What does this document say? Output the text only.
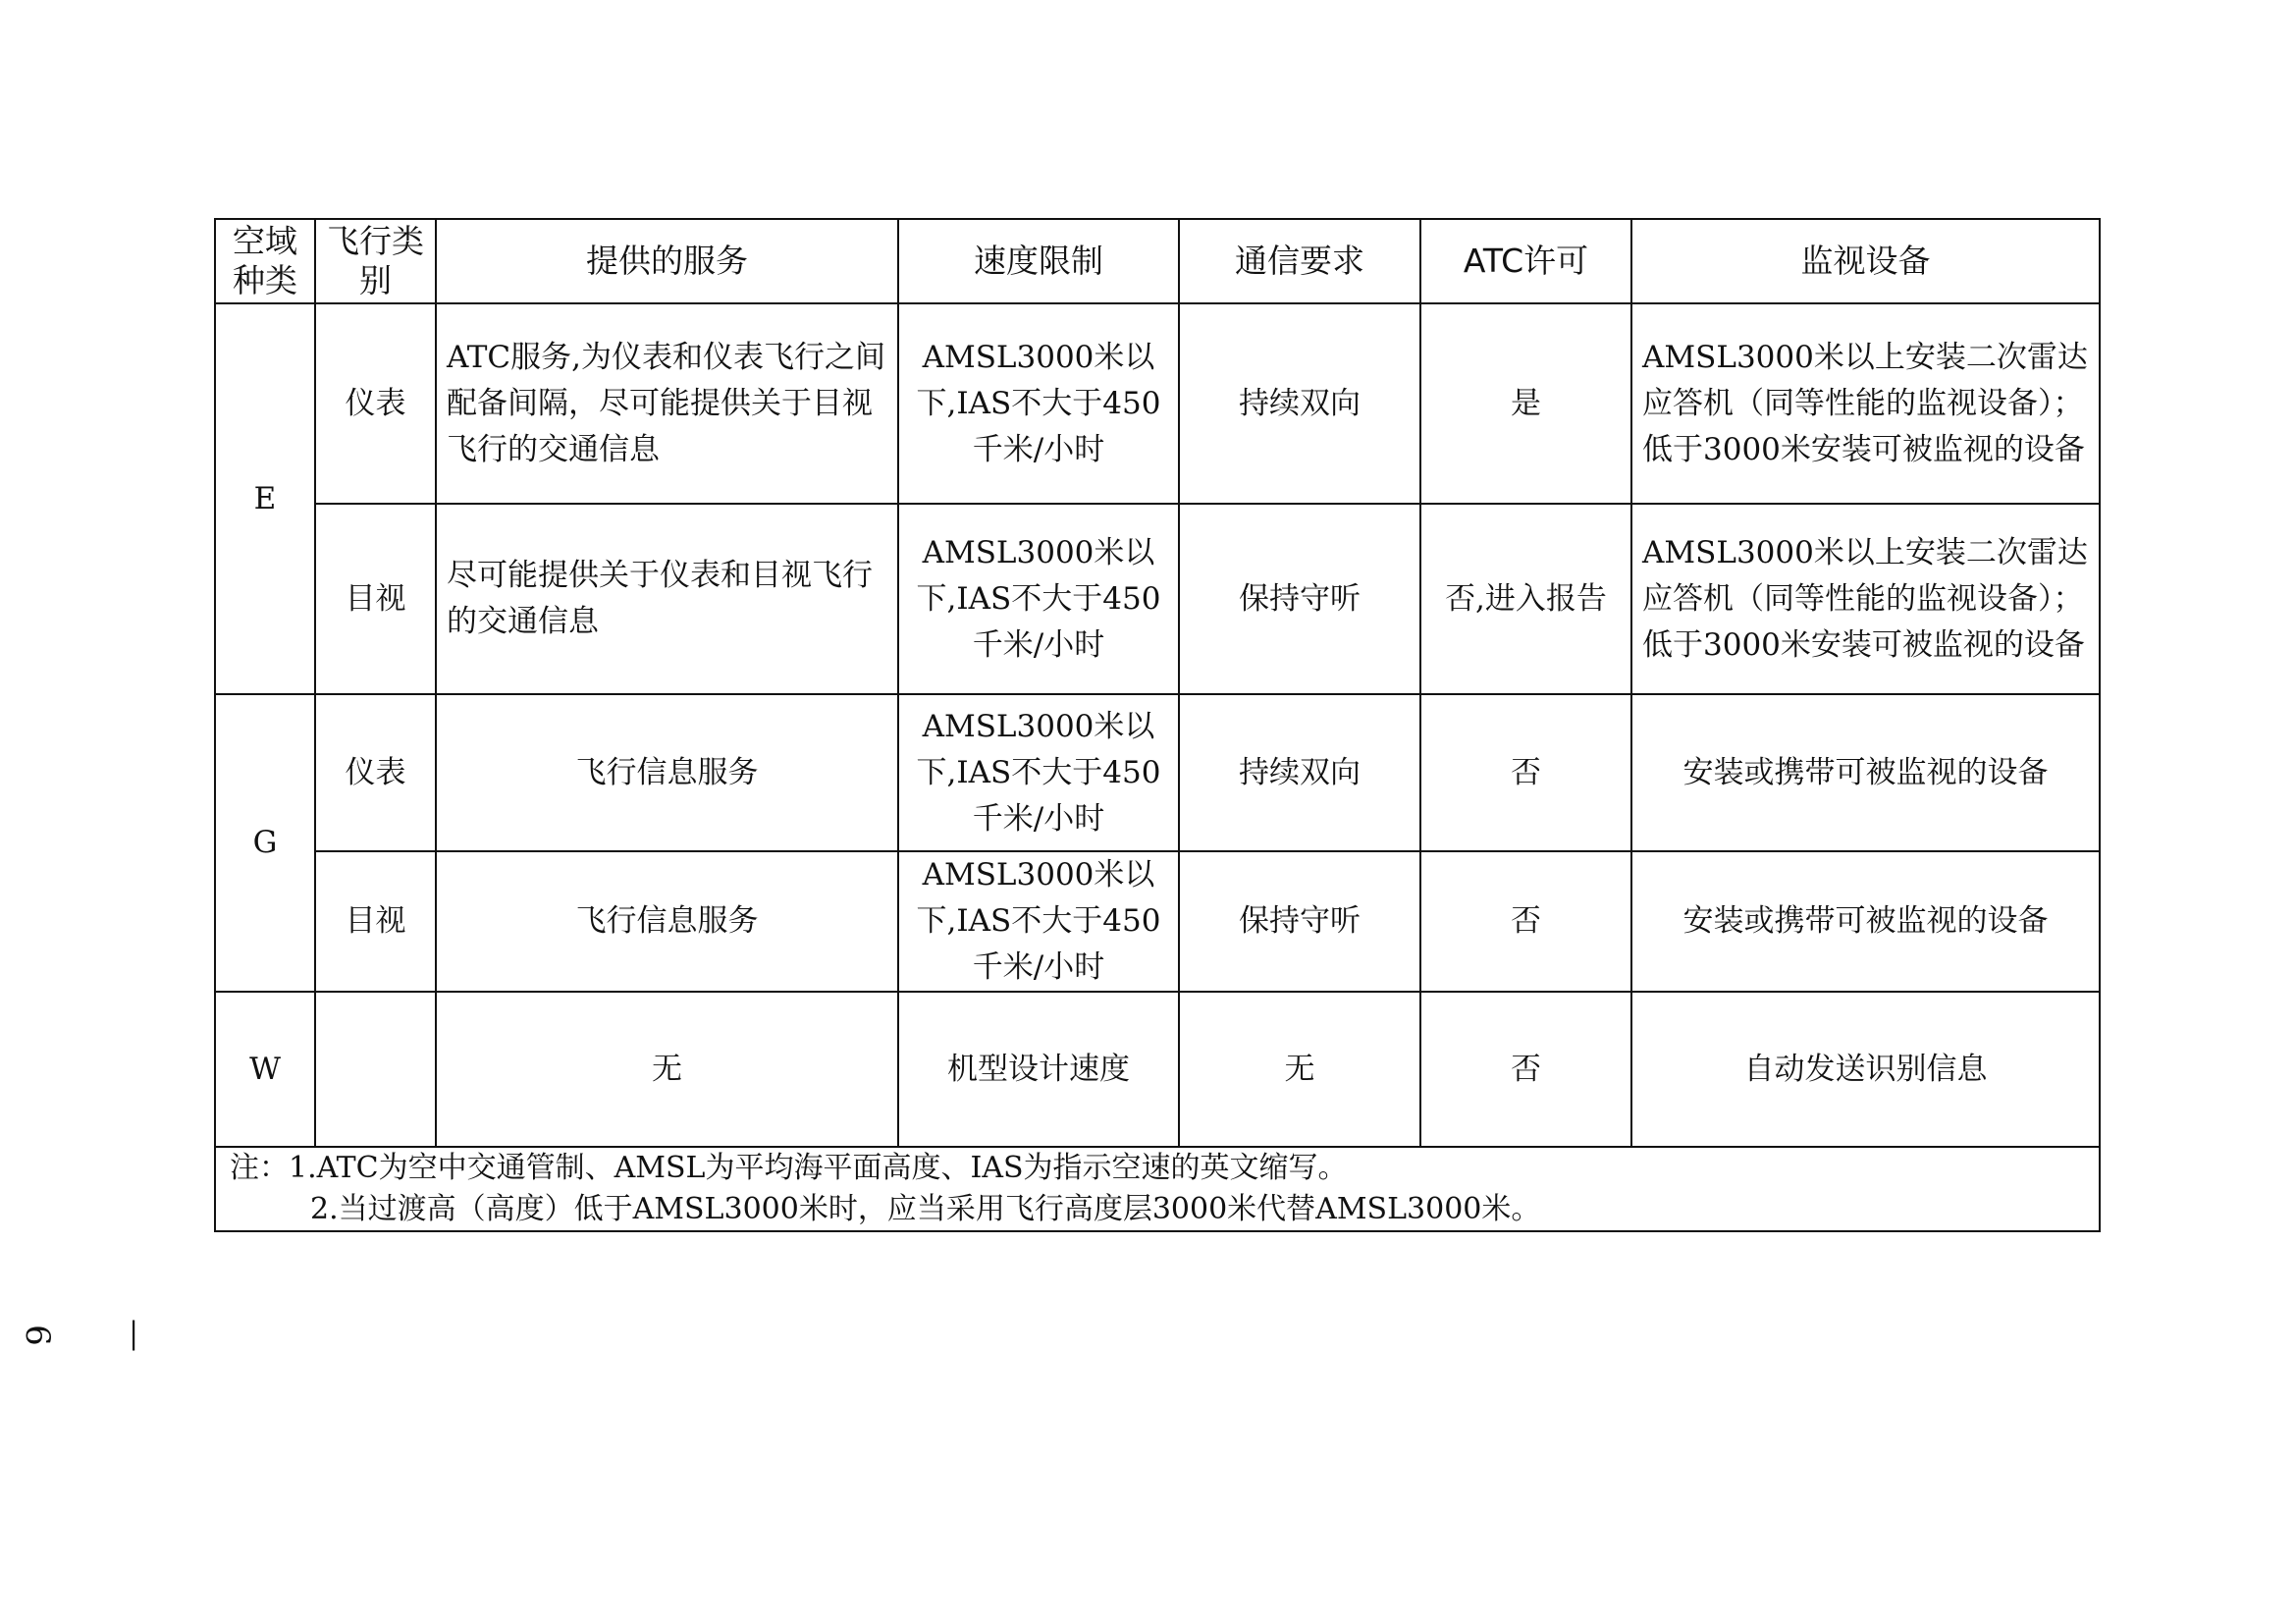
空域种类	飞行类别	提供的服务	速度限制	通信要求	ATC许可	监视设备
E	仪表	ATC服务,为仪表和仪表飞行之间配备间隔，尽可能提供关于目视飞行的交通信息	AMSL3000米以下,IAS不大于450千米/小时	持续双向	是	AMSL3000米以上安装二次雷达应答机（同等性能的监视设备）；低于3000米安装可被监视的设备
	目视	尽可能提供关于仪表和目视飞行的交通信息	AMSL3000米以下,IAS不大于450千米/小时	保持守听	否,进入报告	AMSL3000米以上安装二次雷达应答机（同等性能的监视设备）；低于3000米安装可被监视的设备
G	仪表	飞行信息服务	AMSL3000米以下,IAS不大于450千米/小时	持续双向	否	安装或携带可被监视的设备
	目视	飞行信息服务	AMSL3000米以下,IAS不大于450千米/小时	保持守听	否	安装或携带可被监视的设备
W		无	机型设计速度	无	否	自动发送识别信息
注：1.ATC为空中交通管制、AMSL为平均海平面高度、IAS为指示空速的英文缩写。

2.当过渡高（高度）低于AMSL3000米时，应当采用飞行高度层3000米代替AMSL3000米。						
—6
